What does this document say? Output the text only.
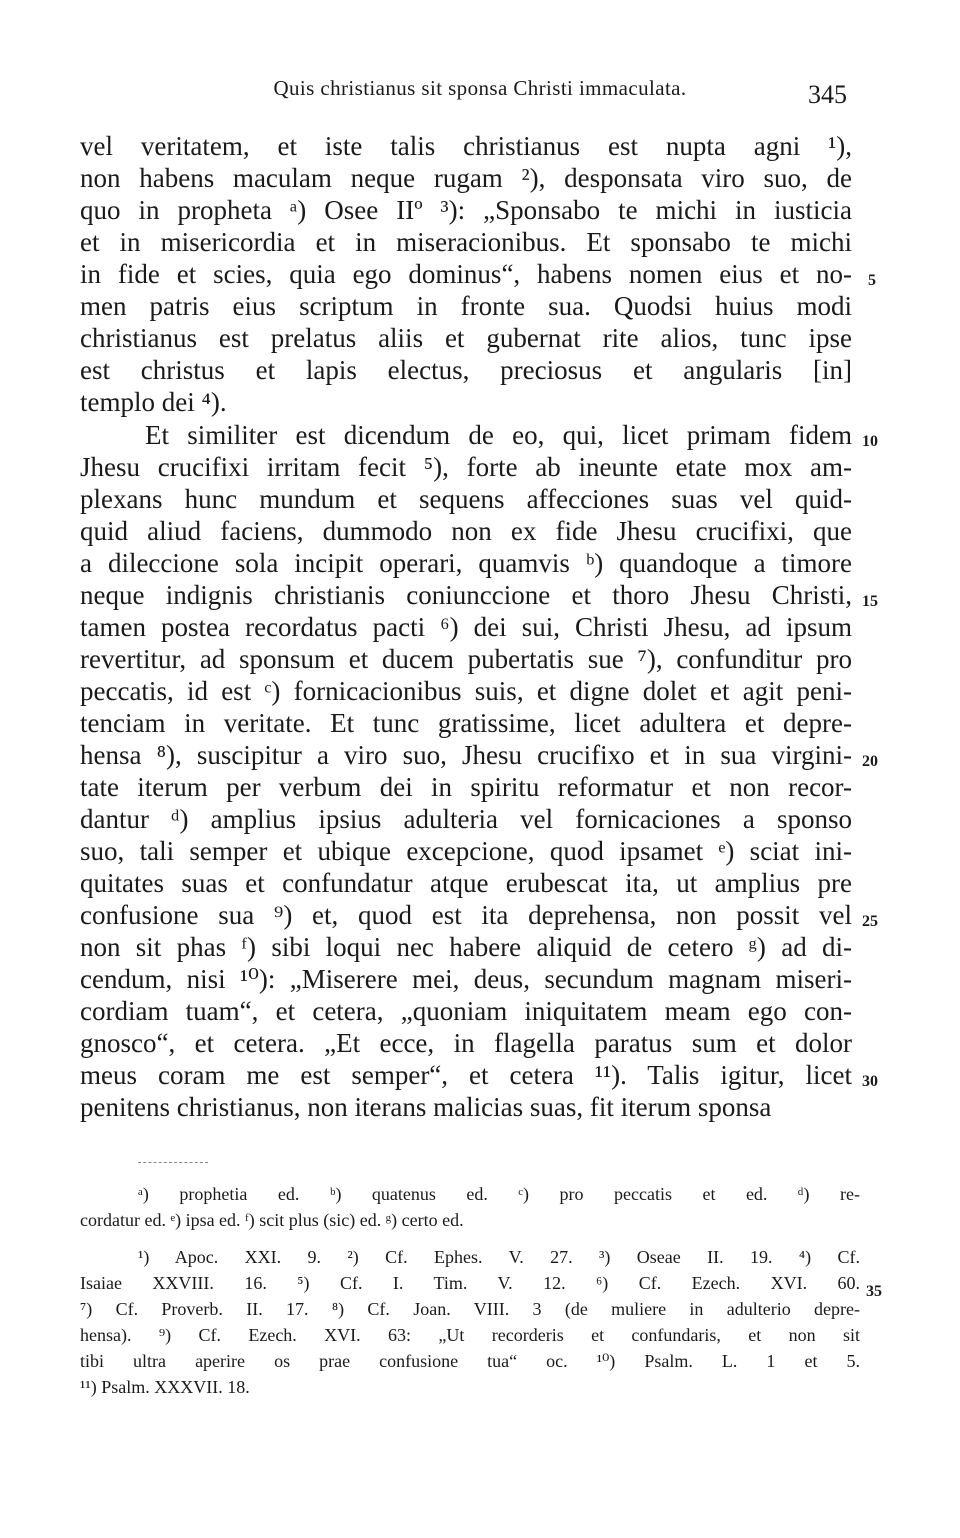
Quis christianus sit sponsa Christi immaculata.	345

vel veritatem, et iste talis christianus est nupta agni ¹),

non habens maculam neque rugam ²), desponsata viro suo, de

quo in propheta ᵃ) Osee IIº ³): „Sponsabo te michi in iusticia

et in misericordia et in miseracionibus. Et sponsabo te michi

in fide et scies, quia ego dominus“, habens nomen eius et no-

men patris eius scriptum in fronte sua. Quodsi huius modi

christianus est prelatus aliis et gubernat rite alios, tunc ipse

est christus et lapis electus, preciosus et angularis [in]

templo dei ⁴).

Et similiter est dicendum de eo, qui, licet primam fidem

Jhesu crucifixi irritam fecit ⁵), forte ab ineunte etate mox am-

plexans hunc mundum et sequens affecciones suas vel quid-

quid aliud faciens, dummodo non ex fide Jhesu crucifixi, que

a dileccione sola incipit operari, quamvis ᵇ) quandoque a timore

neque indignis christianis coniunccione et thoro Jhesu Christi,

tamen postea recordatus pacti ⁶) dei sui, Christi Jhesu, ad ipsum

revertitur, ad sponsum et ducem pubertatis sue ⁷), confunditur pro

peccatis, id est ᶜ) fornicacionibus suis, et digne dolet et agit peni-

tenciam in veritate. Et tunc gratissime, licet adultera et depre-

hensa ⁸), suscipitur a viro suo, Jhesu crucifixo et in sua virgini-

tate iterum per verbum dei in spiritu reformatur et non recor-

dantur ᵈ) amplius ipsius adulteria vel fornicaciones a sponso

suo, tali semper et ubique excepcione, quod ipsamet ᵉ) sciat ini-

quitates suas et confundatur atque erubescat ita, ut amplius pre

confusione sua ⁹) et, quod est ita deprehensa, non possit vel

non sit phas ᶠ) sibi loqui nec habere aliquid de cetero ᵍ) ad di-

cendum, nisi ¹⁰): „Miserere mei, deus, secundum magnam miseri-

cordiam tuam“, et cetera, „quoniam iniquitatem meam ego con-

gnosco“, et cetera. „Et ecce, in flagella paratus sum et dolor

meus coram me est semper“, et cetera ¹¹). Talis igitur, licet

penitens christianus, non iterans malicias suas, fit iterum sponsa

5
10
15
20
25
30

ᵃ) prophetia ed. ᵇ) quatenus ed. ᶜ) pro peccatis et ed. ᵈ) re-

cordatur ed. ᵉ) ipsa ed. ᶠ) scit plus (sic) ed. ᵍ) certo ed.

¹) Apoc. XXI. 9. ²) Cf. Ephes. V. 27. ³) Oseae II. 19. ⁴) Cf.

Isaiae XXVIII. 16. ⁵) Cf. I. Tim. V. 12. ⁶) Cf. Ezech. XVI. 60.

⁷) Cf. Proverb. II. 17. ⁸) Cf. Joan. VIII. 3 (de muliere in adulterio depre-

hensa). ⁹) Cf. Ezech. XVI. 63: „Ut recorderis et confundaris, et non sit

tibi ultra aperire os prae confusione tua“ oc. ¹⁰) Psalm. L. 1 et 5.

¹¹) Psalm. XXXVII. 18.

35
